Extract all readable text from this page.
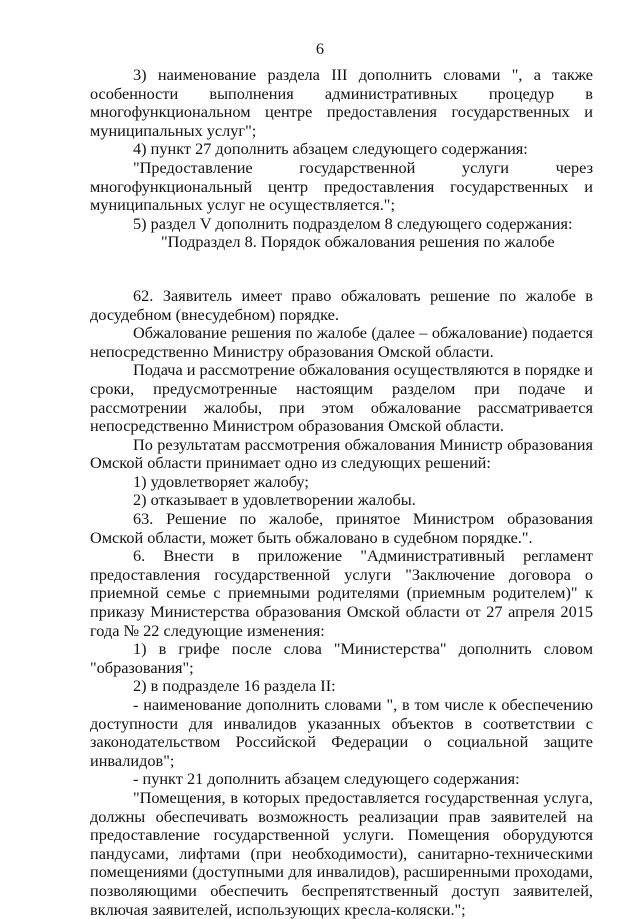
6

3) наименование раздела III дополнить словами ", а также особенности выполнения административных процедур в многофункциональном центре предоставления государственных и муниципальных услуг";

4) пункт 27 дополнить абзацем следующего содержания:

"Предоставление государственной услуги через многофункциональный центр предоставления государственных и муниципальных услуг не осуществляется.";

5) раздел V дополнить подразделом 8 следующего содержания:

"Подраздел 8. Порядок обжалования решения по жалобе

62. Заявитель имеет право обжаловать решение по жалобе в досудебном (внесудебном) порядке.

Обжалование решения по жалобе (далее – обжалование) подается непосредственно Министру образования Омской области.

Подача и рассмотрение обжалования осуществляются в порядке и сроки, предусмотренные настоящим разделом при подаче и рассмотрении жалобы, при этом обжалование рассматривается непосредственно Министром образования Омской области.

По результатам рассмотрения обжалования Министр образования Омской области принимает одно из следующих решений:

1) удовлетворяет жалобу;

2) отказывает в удовлетворении жалобы.

63. Решение по жалобе, принятое Министром образования Омской области, может быть обжаловано в судебном порядке.".

6. Внести в приложение "Административный регламент предоставления государственной услуги "Заключение договора о приемной семье с приемными родителями (приемным родителем)" к приказу Министерства образования Омской области от 27 апреля 2015 года № 22 следующие изменения:

1) в грифе после слова "Министерства" дополнить словом "образования";

2) в подразделе 16 раздела II:

- наименование дополнить словами ", в том числе к обеспечению доступности для инвалидов указанных объектов в соответствии с законодательством Российской Федерации о социальной защите инвалидов";

- пункт 21 дополнить абзацем следующего содержания:

"Помещения, в которых предоставляется государственная услуга, должны обеспечивать возможность реализации прав заявителей на предоставление государственной услуги. Помещения оборудуются пандусами, лифтами (при необходимости), санитарно-техническими помещениями (доступными для инвалидов), расширенными проходами, позволяющими обеспечить беспрепятственный доступ заявителей, включая заявителей, использующих кресла-коляски.";
